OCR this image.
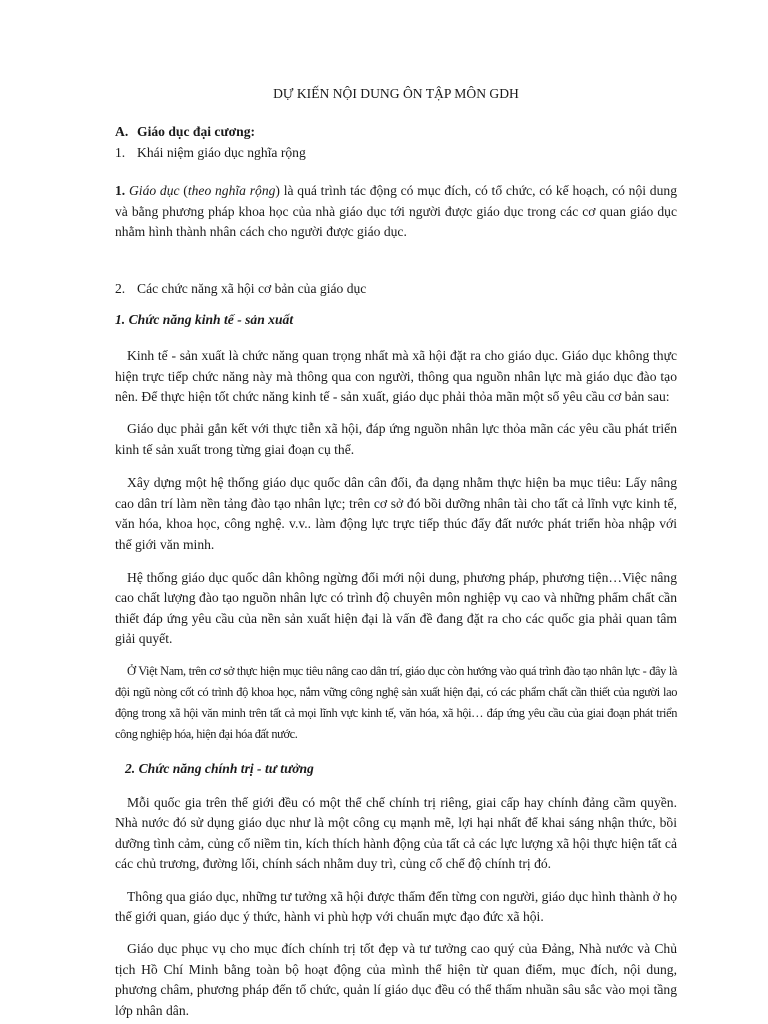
DỰ KIẾN NỘI DUNG ÔN TẬP MÔN GDH

A. Giáo dục đại cương:

1. Khái niệm giáo dục nghĩa rộng

1. Giáo dục (theo nghĩa rộng) là quá trình tác động có mục đích, có tổ chức, có kế hoạch, có nội dung và bằng phương pháp khoa học của nhà giáo dục tới người được giáo dục trong các cơ quan giáo dục nhằm hình thành nhân cách cho người được giáo dục.

2. Các chức năng xã hội cơ bản của giáo dục

1. Chức năng kinh tế - sản xuất

Kinh tế - sản xuất là chức năng quan trọng nhất mà xã hội đặt ra cho giáo dục. Giáo dục không thực hiện trực tiếp chức năng này mà thông qua con người, thông qua nguồn nhân lực mà giáo dục đào tạo nên. Để thực hiện tốt chức năng kinh tế - sản xuất, giáo dục phải thỏa mãn một số yêu cầu cơ bản sau:

Giáo dục phải gắn kết với thực tiễn xã hội, đáp ứng nguồn nhân lực thỏa mãn các yêu cầu phát triển kinh tế sản xuất trong từng giai đoạn cụ thể.

Xây dựng một hệ thống giáo dục quốc dân cân đối, đa dạng nhằm thực hiện ba mục tiêu: Lấy nâng cao dân trí làm nền tảng đào tạo nhân lực; trên cơ sở đó bồi dưỡng nhân tài cho tất cả lĩnh vực kinh tế, văn hóa, khoa học, công nghệ. v.v.. làm động lực trực tiếp thúc đẩy đất nước phát triển hòa nhập với thế giới văn minh.

Hệ thống giáo dục quốc dân không ngừng đổi mới nội dung, phương pháp, phương tiện…Việc nâng cao chất lượng đào tạo nguồn nhân lực có trình độ chuyên môn nghiệp vụ cao và những phẩm chất cần thiết đáp ứng yêu cầu của nền sản xuất hiện đại là vấn đề đang đặt ra cho các quốc gia phải quan tâm giải quyết.

Ở Việt Nam, trên cơ sở thực hiện mục tiêu nâng cao dân trí, giáo dục còn hướng vào quá trình đào tạo nhân lực - đây là đội ngũ nòng cốt có trình độ khoa học, nắm vững công nghệ sản xuất hiện đại, có các phẩm chất cần thiết của người lao động trong xã hội văn minh trên tất cả mọi lĩnh vực kinh tế, văn hóa, xã hội… đáp ứng yêu cầu của giai đoạn phát triển công nghiệp hóa, hiện đại hóa đất nước.

2. Chức năng chính trị - tư tưởng

Mỗi quốc gia trên thế giới đều có một thể chế chính trị riêng, giai cấp hay chính đảng cầm quyền. Nhà nước đó sử dụng giáo dục như là một công cụ mạnh mẽ, lợi hại nhất để khai sáng nhận thức, bồi dưỡng tình cảm, củng cố niềm tin, kích thích hành động của tất cả các lực lượng xã hội thực hiện tất cả các chủ trương, đường lối, chính sách nhằm duy trì, củng cố chế độ chính trị đó.

Thông qua giáo dục, những tư tưởng xã hội được thấm đến từng con người, giáo dục hình thành ở họ thế giới quan, giáo dục ý thức, hành vi phù hợp với chuẩn mực đạo đức xã hội.

Giáo dục phục vụ cho mục đích chính trị tốt đẹp và tư tưởng cao quý của Đảng, Nhà nước và Chủ tịch Hồ Chí Minh bằng toàn bộ hoạt động của mình thể hiện từ quan điểm, mục đích, nội dung, phương châm, phương pháp đến tổ chức, quản lí giáo dục đều có thể thấm nhuần sâu sắc vào mọi tầng lớp nhân dân.
